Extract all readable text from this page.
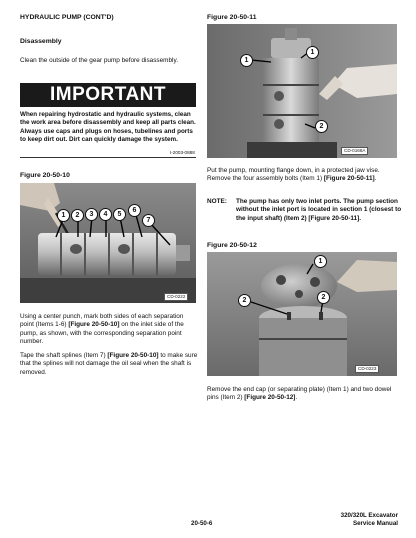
HYDRAULIC PUMP (CONT'D)
Disassembly
Clean the outside of the gear pump before disassembly.
IMPORTANT
When repairing hydrostatic and hydraulic systems, clean the work area before disassembly and keep all parts clean. Always use caps and plugs on hoses, tubelines and ports to keep dirt out. Dirt can quickly damage the system.
I-2003-0888
Figure 20-50-10
1	2	3	4	5
6
7
CD-0222

Using a center punch, mark both sides of each separation point (Items 1-6) [Figure 20-50-10] on the inlet side of the pump, as shown, with the corresponding separation point number.

Tape the shaft splines (Item 7) [Figure 20-50-10] to make sure that the splines will not damage the oil seal when the shaft is removed.

Figure 20-50-11
1
1
2
CD-0168A

Put the pump, mounting flange down, in a protected jaw vise. Remove the four assembly bolts (Item 1) [Figure 20-50-11].

NOTE: The pump has only two inlet ports. The pump section without the inlet port is located in section 1 (closest to the input shaft) (Item 2) [Figure 20-50-11].
Figure 20-50-12
1
2	2
CD-0223

Remove the end cap (or separating plate) (Item 1) and two dowel pins (Item 2) [Figure 20-50-12].

20-50-6
320/320L Excavator
Service Manual
